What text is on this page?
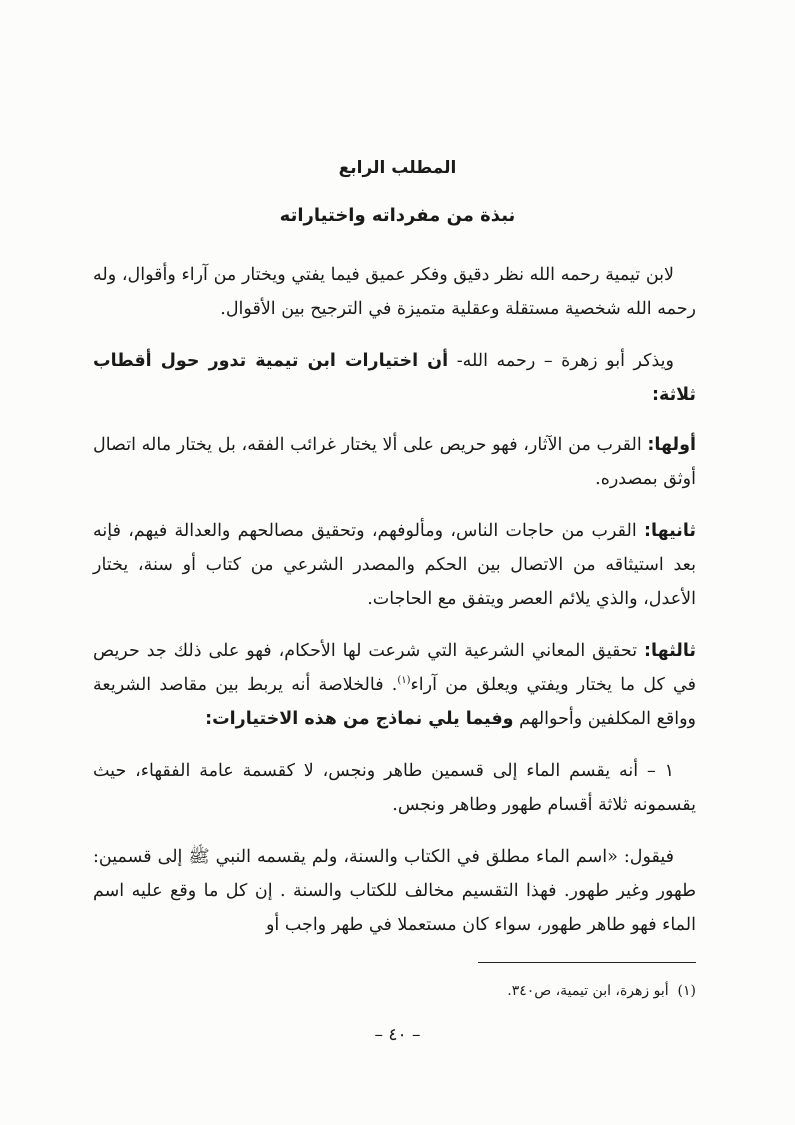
المطلب الرابع
نبذة من مفرداته واختياراته

لابن تيمية رحمه الله نظر دقيق وفكر عميق فيما يفتي ويختار من آراء وأقوال، وله رحمه الله شخصية مستقلة وعقلية متميزة في الترجيح بين الأقوال.

ويذكر أبو زهرة – رحمه الله- أن اختيارات ابن تيمية تدور حول أقطاب ثلاثة:

أولها: القرب من الآثار، فهو حريص على ألا يختار غرائب الفقه، بل يختار ماله اتصال أوثق بمصدره.

ثانيها: القرب من حاجات الناس، ومألوفهم، وتحقيق مصالحهم والعدالة فيهم، فإنه بعد استيثاقه من الاتصال بين الحكم والمصدر الشرعي من كتاب أو سنة، يختار الأعدل، والذي يلائم العصر ويتفق مع الحاجات.

ثالثها: تحقيق المعاني الشرعية التي شرعت لها الأحكام، فهو على ذلك جد حريص في كل ما يختار ويفتي ويعلق من آراء$^{(١)}$. فالخلاصة أنه يربط بين مقاصد الشريعة وواقع المكلفين وأحوالهم وفيما يلي نماذج من هذه الاختيارات:

١ – أنه يقسم الماء إلى قسمين طاهر ونجس، لا كقسمة عامة الفقهاء، حيث يقسمونه ثلاثة أقسام طهور وطاهر ونجس.

فيقول: «اسم الماء مطلق في الكتاب والسنة، ولم يقسمه النبي ﷺ إلى قسمين: طهور وغير طهور. فهذا التقسيم مخالف للكتاب والسنة . إن كل ما وقع عليه اسم الماء فهو طاهر طهور، سواء كان مستعملا في طهر واجب أو

(١)  أبو زهرة، ابن تيمية، ص٣٤٠.
– ٤٠ –
